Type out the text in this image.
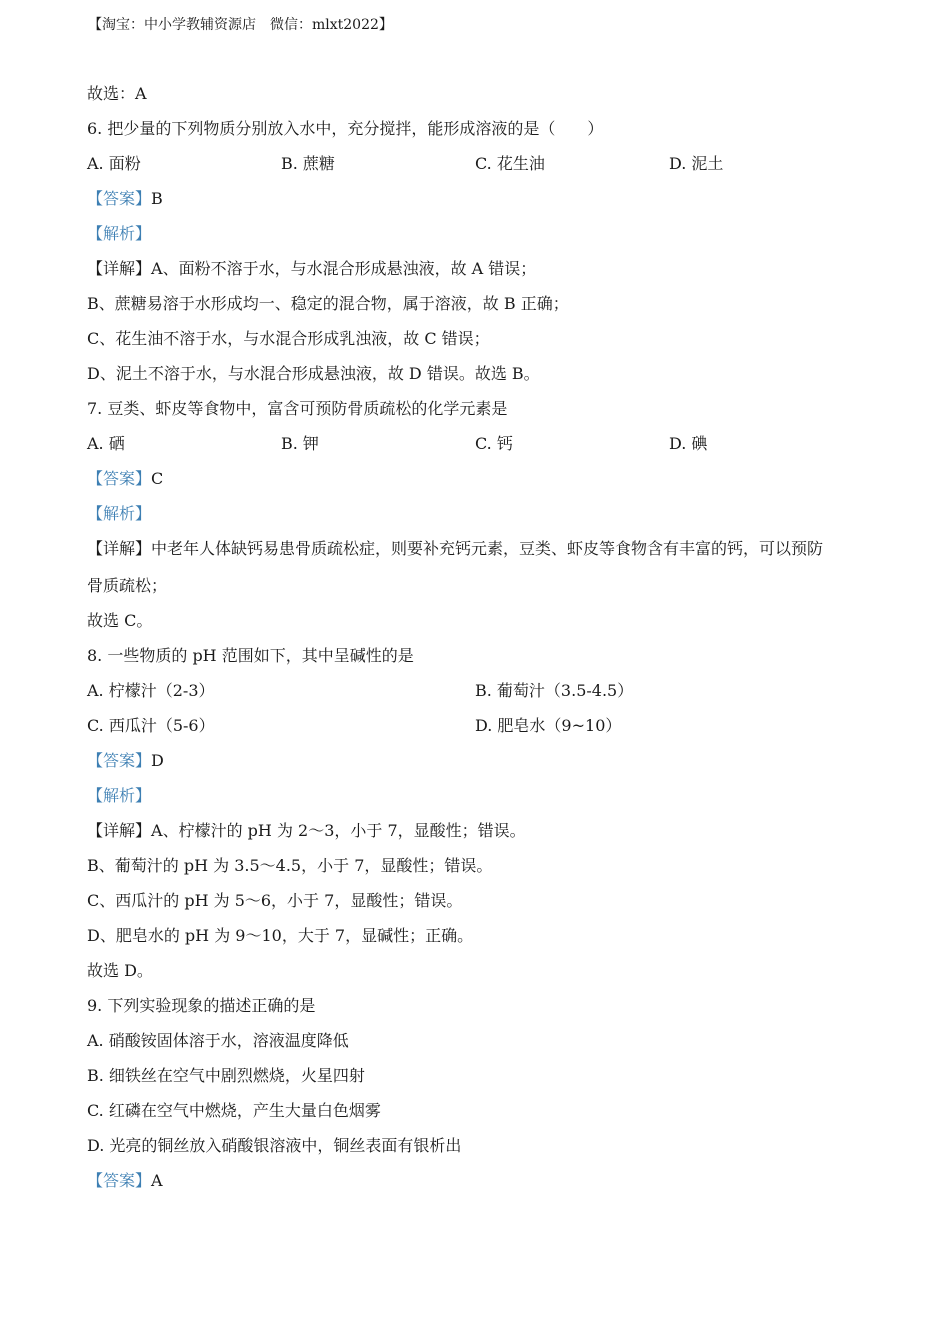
【淘宝：中小学教辅资源店 微信：mlxt2022】
故选：A
6. 把少量的下列物质分别放入水中，充分搅拌，能形成溶液的是（　　）
A. 面粉	B. 蔗糖	C. 花生油	D. 泥土
【答案】B
【解析】
【详解】A、面粉不溶于水，与水混合形成悬浊液，故 A 错误；
B、蔗糖易溶于水形成均一、稳定的混合物，属于溶液，故 B 正确；
C、花生油不溶于水，与水混合形成乳浊液，故 C 错误；
D、泥土不溶于水，与水混合形成悬浊液，故 D 错误。故选 B。
7. 豆类、虾皮等食物中，富含可预防骨质疏松的化学元素是
A. 硒	B. 钾	C. 钙	D. 碘
【答案】C
【解析】
【详解】中老年人体缺钙易患骨质疏松症，则要补充钙元素，豆类、虾皮等食物含有丰富的钙，可以预防
骨质疏松；
故选 C。
8. 一些物质的 pH 范围如下，其中呈碱性的是
A. 柠檬汁（2-3）	B. 葡萄汁（3.5-4.5）
C. 西瓜汁（5-6）	D. 肥皂水（9~10）
【答案】D
【解析】
【详解】A、柠檬汁的 pH 为 2～3，小于 7，显酸性；错误。
B、葡萄汁的 pH 为 3.5～4.5，小于 7，显酸性；错误。
C、西瓜汁的 pH 为 5～6，小于 7，显酸性；错误。
D、肥皂水的 pH 为 9～10，大于 7，显碱性；正确。
故选 D。
9. 下列实验现象的描述正确的是
A. 硝酸铵固体溶于水，溶液温度降低
B. 细铁丝在空气中剧烈燃烧，火星四射
C. 红磷在空气中燃烧，产生大量白色烟雾
D. 光亮的铜丝放入硝酸银溶液中，铜丝表面有银析出
【答案】A
